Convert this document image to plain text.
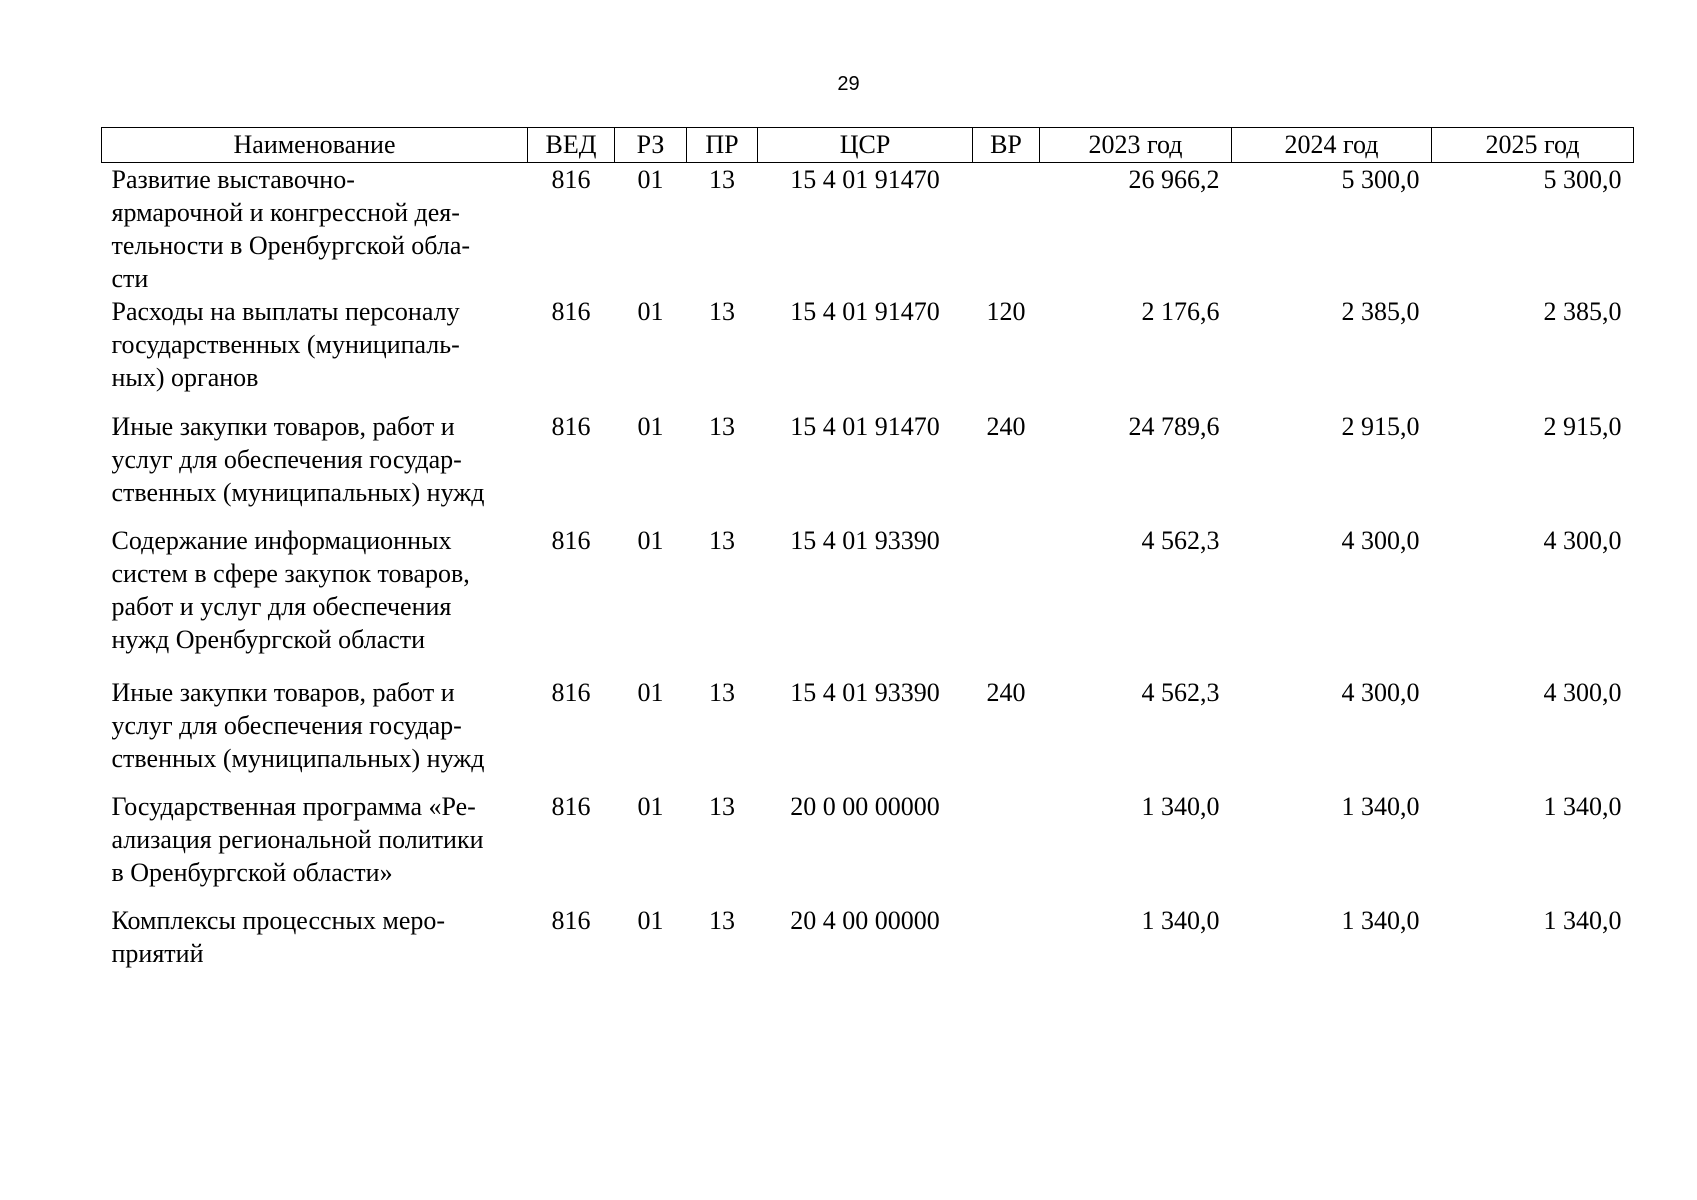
29
Наименование	ВЕД	РЗ	ПР	ЦСР	ВР	2023 год	2024 год	2025 год

Развитие выставочно-
ярмарочной и конгрессной дея-
тельности в Оренбургской обла-
сти	816	01	13	15 4 01 91470		26 966,2	5 300,0	5 300,0

Расходы на выплаты персоналу
государственных (муниципаль-
ных) органов	816	01	13	15 4 01 91470	120	2 176,6	2 385,0	2 385,0

Иные закупки товаров, работ и
услуг для обеспечения государ-
ственных (муниципальных) нужд	816	01	13	15 4 01 91470	240	24 789,6	2 915,0	2 915,0

Содержание информационных
систем в сфере закупок товаров,
работ и услуг для обеспечения
нужд Оренбургской области	816	01	13	15 4 01 93390		4 562,3	4 300,0	4 300,0

Иные закупки товаров, работ и
услуг для обеспечения государ-
ственных (муниципальных) нужд	816	01	13	15 4 01 93390	240	4 562,3	4 300,0	4 300,0

Государственная программа «Ре-
ализация региональной политики
в Оренбургской области»	816	01	13	20 0 00 00000		1 340,0	1 340,0	1 340,0

Комплексы процессных меро-
приятий	816	01	13	20 4 00 00000		1 340,0	1 340,0	1 340,0
